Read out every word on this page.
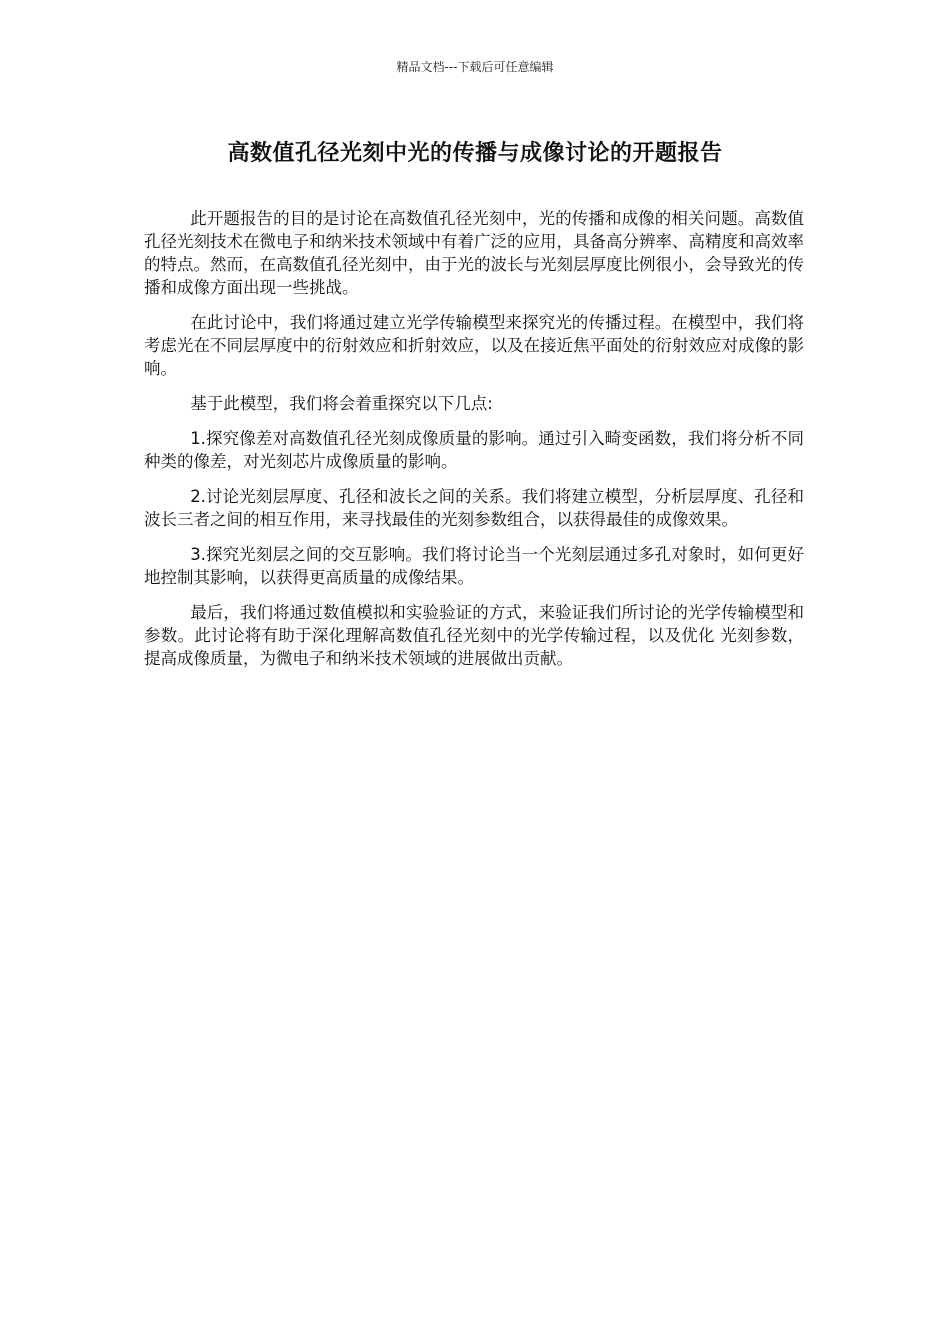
精品文档---下载后可任意编辑
高数值孔径光刻中光的传播与成像讨论的开题报告

此开题报告的目的是讨论在高数值孔径光刻中，光的传播和成像的相关问题。高数值孔径光刻技术在微电子和纳米技术领域中有着广泛的应用，具备高分辨率、高精度和高效率的特点。然而，在高数值孔径光刻中，由于光的波长与光刻层厚度比例很小，会导致光的传播和成像方面出现一些挑战。

在此讨论中，我们将通过建立光学传输模型来探究光的传播过程。在模型中，我们将考虑光在不同层厚度中的衍射效应和折射效应，以及在接近焦平面处的衍射效应对成像的影响。

基于此模型，我们将会着重探究以下几点:

1.探究像差对高数值孔径光刻成像质量的影响。通过引入畸变函数，我们将分析不同种类的像差，对光刻芯片成像质量的影响。

2.讨论光刻层厚度、孔径和波长之间的关系。我们将建立模型，分析层厚度、孔径和波长三者之间的相互作用，来寻找最佳的光刻参数组合，以获得最佳的成像效果。

3.探究光刻层之间的交互影响。我们将讨论当一个光刻层通过多孔对象时，如何更好地控制其影响，以获得更高质量的成像结果。

最后，我们将通过数值模拟和实验验证的方式，来验证我们所讨论的光学传输模型和参数。此讨论将有助于深化理解高数值孔径光刻中的光学传输过程，以及优化 光刻参数，提高成像质量，为微电子和纳米技术领域的进展做出贡献。
